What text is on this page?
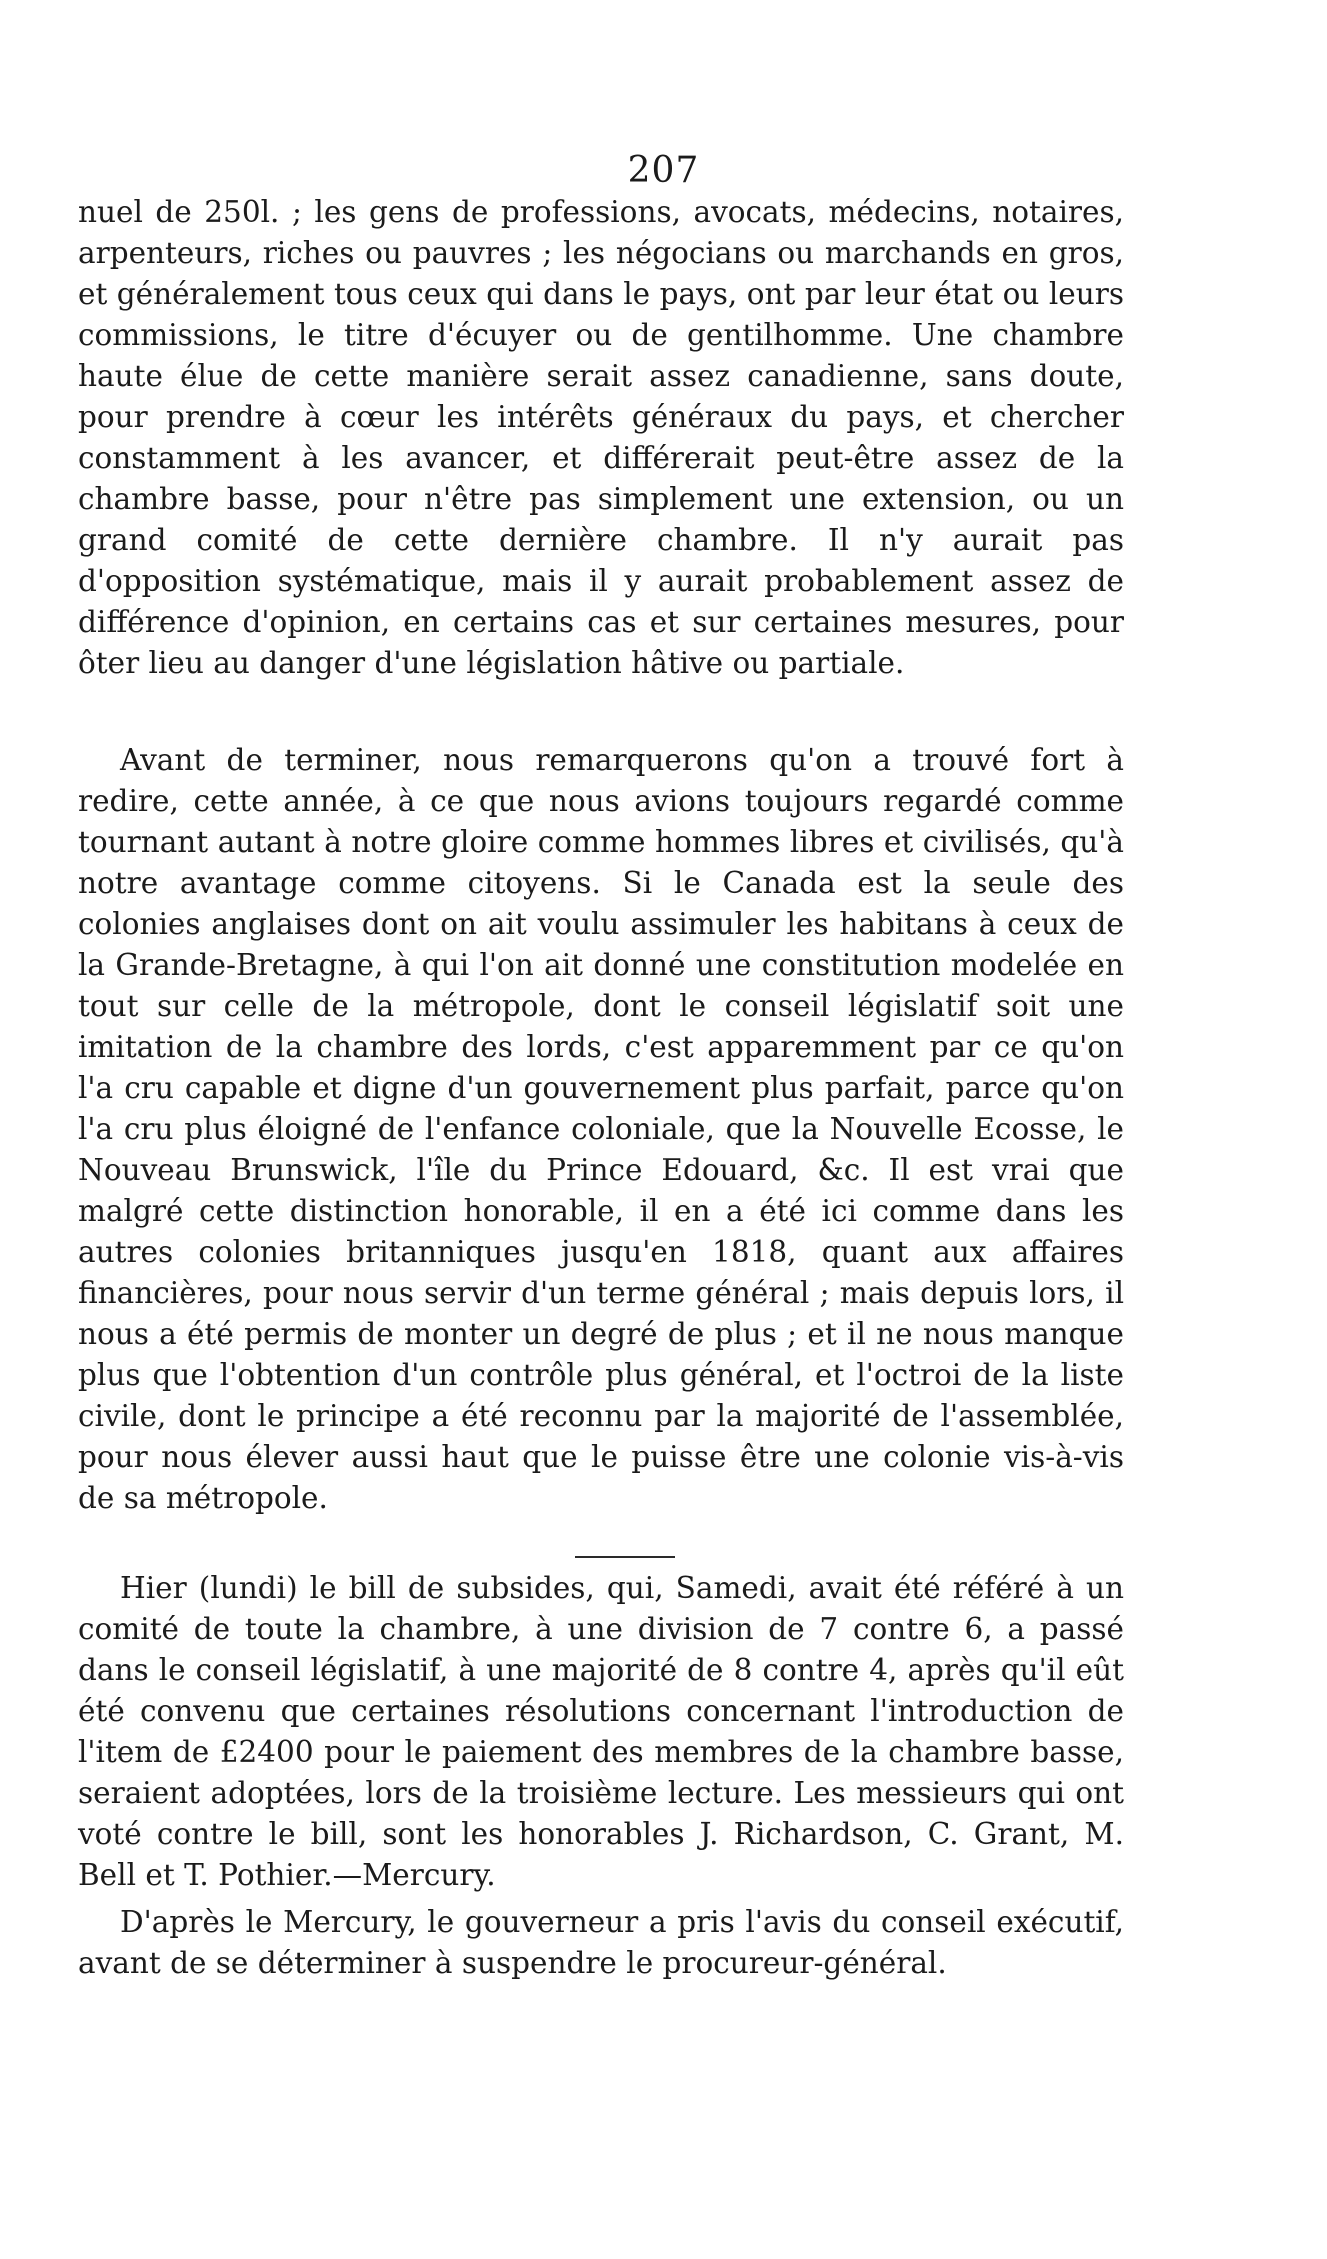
207

nuel de 250l. ; les gens de professions, avocats, médecins, notaires, arpenteurs, riches ou pauvres ; les négocians ou marchands en gros, et généralement tous ceux qui dans le pays, ont par leur état ou leurs commissions, le titre d'écuyer ou de gentilhomme. Une chambre haute élue de cette manière serait assez canadienne, sans doute, pour prendre à cœur les intérêts généraux du pays, et chercher constamment à les avancer, et différerait peut-être assez de la chambre basse, pour n'être pas simplement une extension, ou un grand comité de cette dernière chambre. Il n'y aurait pas d'opposition systématique, mais il y aurait probablement assez de différence d'opinion, en certains cas et sur certaines mesures, pour ôter lieu au danger d'une législation hâtive ou partiale.

Avant de terminer, nous remarquerons qu'on a trouvé fort à redire, cette année, à ce que nous avions toujours regardé comme tournant autant à notre gloire comme hommes libres et civilisés, qu'à notre avantage comme citoyens. Si le Canada est la seule des colonies anglaises dont on ait voulu assimuler les habitans à ceux de la Grande-Bretagne, à qui l'on ait donné une constitution modelée en tout sur celle de la métropole, dont le conseil législatif soit une imitation de la chambre des lords, c'est apparemment par ce qu'on l'a cru capable et digne d'un gouvernement plus parfait, parce qu'on l'a cru plus éloigné de l'enfance coloniale, que la Nouvelle Ecosse, le Nouveau Brunswick, l'île du Prince Edouard, &c. Il est vrai que malgré cette distinction honorable, il en a été ici comme dans les autres colonies britanniques jusqu'en 1818, quant aux affaires financières, pour nous servir d'un terme général ; mais depuis lors, il nous a été permis de monter un degré de plus ; et il ne nous manque plus que l'obtention d'un contrôle plus général, et l'octroi de la liste civile, dont le principe a été reconnu par la majorité de l'assemblée, pour nous élever aussi haut que le puisse être une colonie vis-à-vis de sa métropole.

Hier (lundi) le bill de subsides, qui, Samedi, avait été référé à un comité de toute la chambre, à une division de 7 contre 6, a passé dans le conseil législatif, à une majorité de 8 contre 4, après qu'il eût été convenu que certaines résolutions concernant l'introduction de l'item de £2400 pour le paiement des membres de la chambre basse, seraient adoptées, lors de la troisième lecture. Les messieurs qui ont voté contre le bill, sont les honorables J. Richardson, C. Grant, M. Bell et T. Pothier.—Mercury.

D'après le Mercury, le gouverneur a pris l'avis du conseil exécutif, avant de se déterminer à suspendre le procureur-général.
